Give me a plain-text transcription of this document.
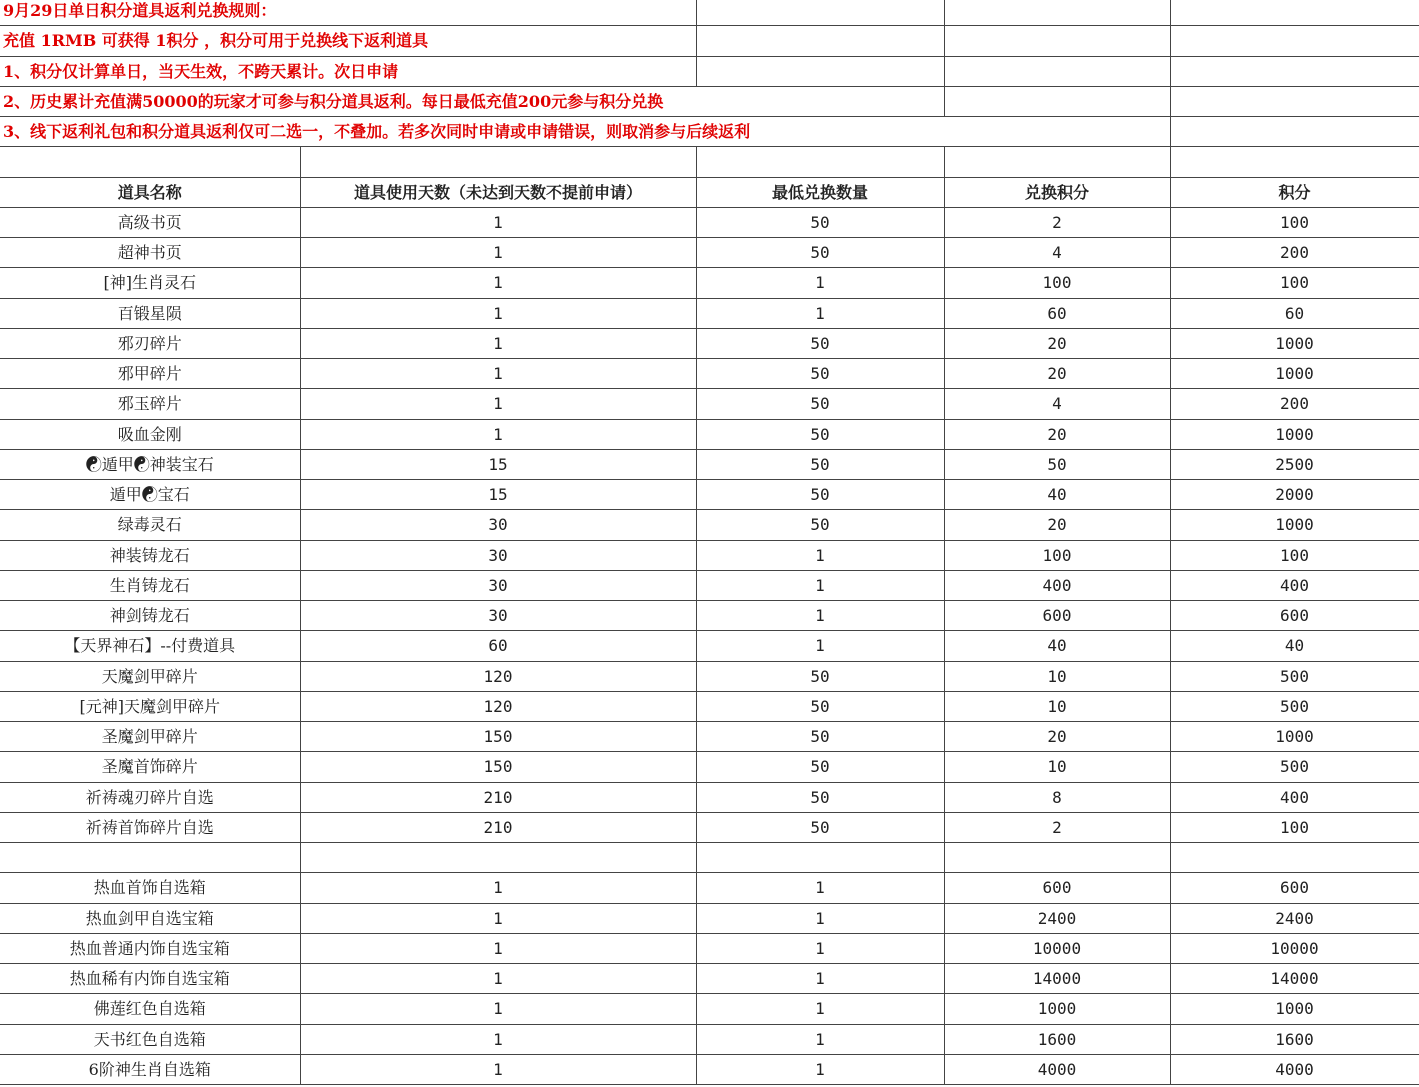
9月29日单日积分道具返利兑换规则：				
充值 1RMB 可获得 1积分 ，积分可用于兑换线下返利道具				
1、积分仅计算单日，当天生效，不跨天累计。次日申请				
2、历史累计充值满50000的玩家才可参与积分道具返利。每日最低充值200元参与积分兑换				
3、线下返利礼包和积分道具返利仅可二选一，不叠加。若多次同时申请或申请错误，则取消参与后续返利				

道具名称	道具使用天数（未达到天数不提前申请）	最低兑换数量	兑换积分	积分
高级书页	1	50	2	100
超神书页	1	50	4	200
[神]生肖灵石	1	1	100	100
百锻星陨	1	1	60	60
邪刃碎片	1	50	20	1000
邪甲碎片	1	50	20	1000
邪玉碎片	1	50	4	200
吸血金刚	1	50	20	1000
☯遁甲☯神装宝石	15	50	50	2500
遁甲☯宝石	15	50	40	2000
绿毒灵石	30	50	20	1000
神装铸龙石	30	1	100	100
生肖铸龙石	30	1	400	400
神剑铸龙石	30	1	600	600
【天界神石】--付费道具	60	1	40	40
天魔剑甲碎片	120	50	10	500
[元神]天魔剑甲碎片	120	50	10	500
圣魔剑甲碎片	150	50	20	1000
圣魔首饰碎片	150	50	10	500
祈祷魂刃碎片自选	210	50	8	400
祈祷首饰碎片自选	210	50	2	100

热血首饰自选箱	1	1	600	600
热血剑甲自选宝箱	1	1	2400	2400
热血普通内饰自选宝箱	1	1	10000	10000
热血稀有内饰自选宝箱	1	1	14000	14000
佛莲红色自选箱	1	1	1000	1000
天书红色自选箱	1	1	1600	1600
6阶神生肖自选箱	1	1	4000	4000
